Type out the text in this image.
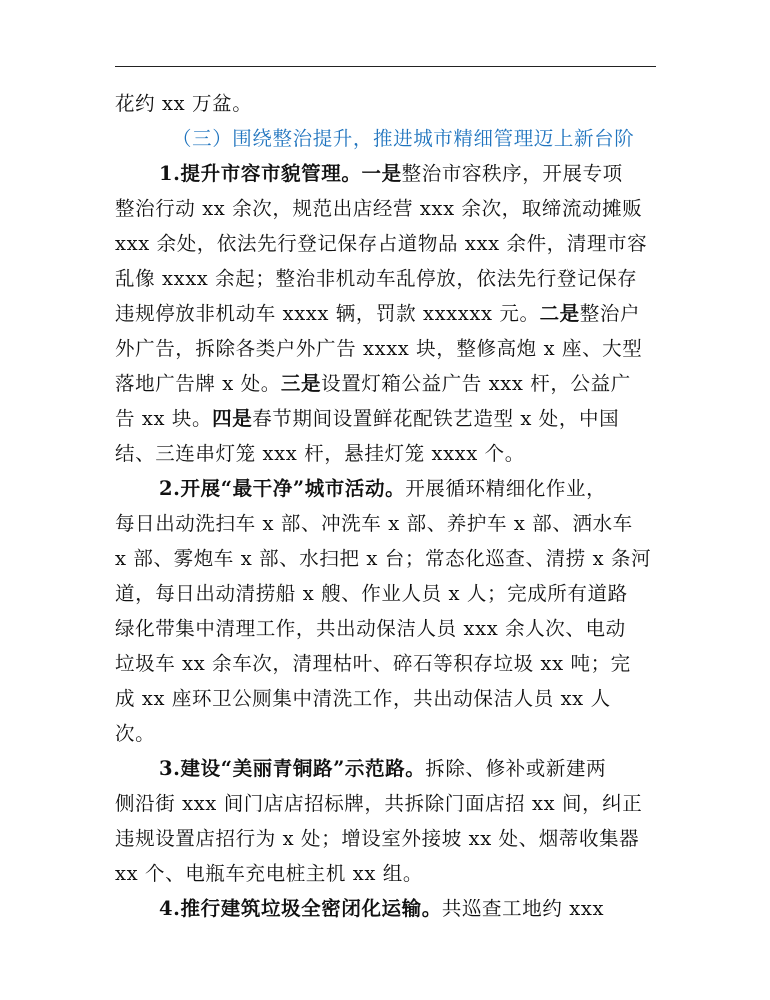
花约 xx 万盆。
（三）围绕整治提升，推进城市精细管理迈上新台阶
1.提升市容市貌管理。一是整治市容秩序，开展专项
整治行动 xx 余次，规范出店经营 xxx 余次，取缔流动摊贩
xxx 余处，依法先行登记保存占道物品 xxx 余件，清理市容
乱像 xxxx 余起；整治非机动车乱停放，依法先行登记保存
违规停放非机动车 xxxx 辆，罚款 xxxxxx 元。二是整治户
外广告，拆除各类户外广告 xxxx 块，整修高炮 x 座、大型
落地广告牌 x 处。三是设置灯箱公益广告 xxx 杆，公益广
告 xx 块。四是春节期间设置鲜花配铁艺造型 x 处，中国
结、三连串灯笼 xxx 杆，悬挂灯笼 xxxx 个。
2.开展“最干净”城市活动。开展循环精细化作业，
每日出动洗扫车 x 部、冲洗车 x 部、养护车 x 部、洒水车
x 部、雾炮车 x 部、水扫把 x 台；常态化巡查、清捞 x 条河
道，每日出动清捞船 x 艘、作业人员 x 人；完成所有道路
绿化带集中清理工作，共出动保洁人员 xxx 余人次、电动
垃圾车 xx 余车次，清理枯叶、碎石等积存垃圾 xx 吨；完
成 xx 座环卫公厕集中清洗工作，共出动保洁人员 xx 人
次。
3.建设“美丽青铜路”示范路。拆除、修补或新建两
侧沿街 xxx 间门店店招标牌，共拆除门面店招 xx 间，纠正
违规设置店招行为 x 处；增设室外接坡 xx 处、烟蒂收集器
xx 个、电瓶车充电桩主机 xx 组。
4.推行建筑垃圾全密闭化运输。共巡查工地约 xxx
